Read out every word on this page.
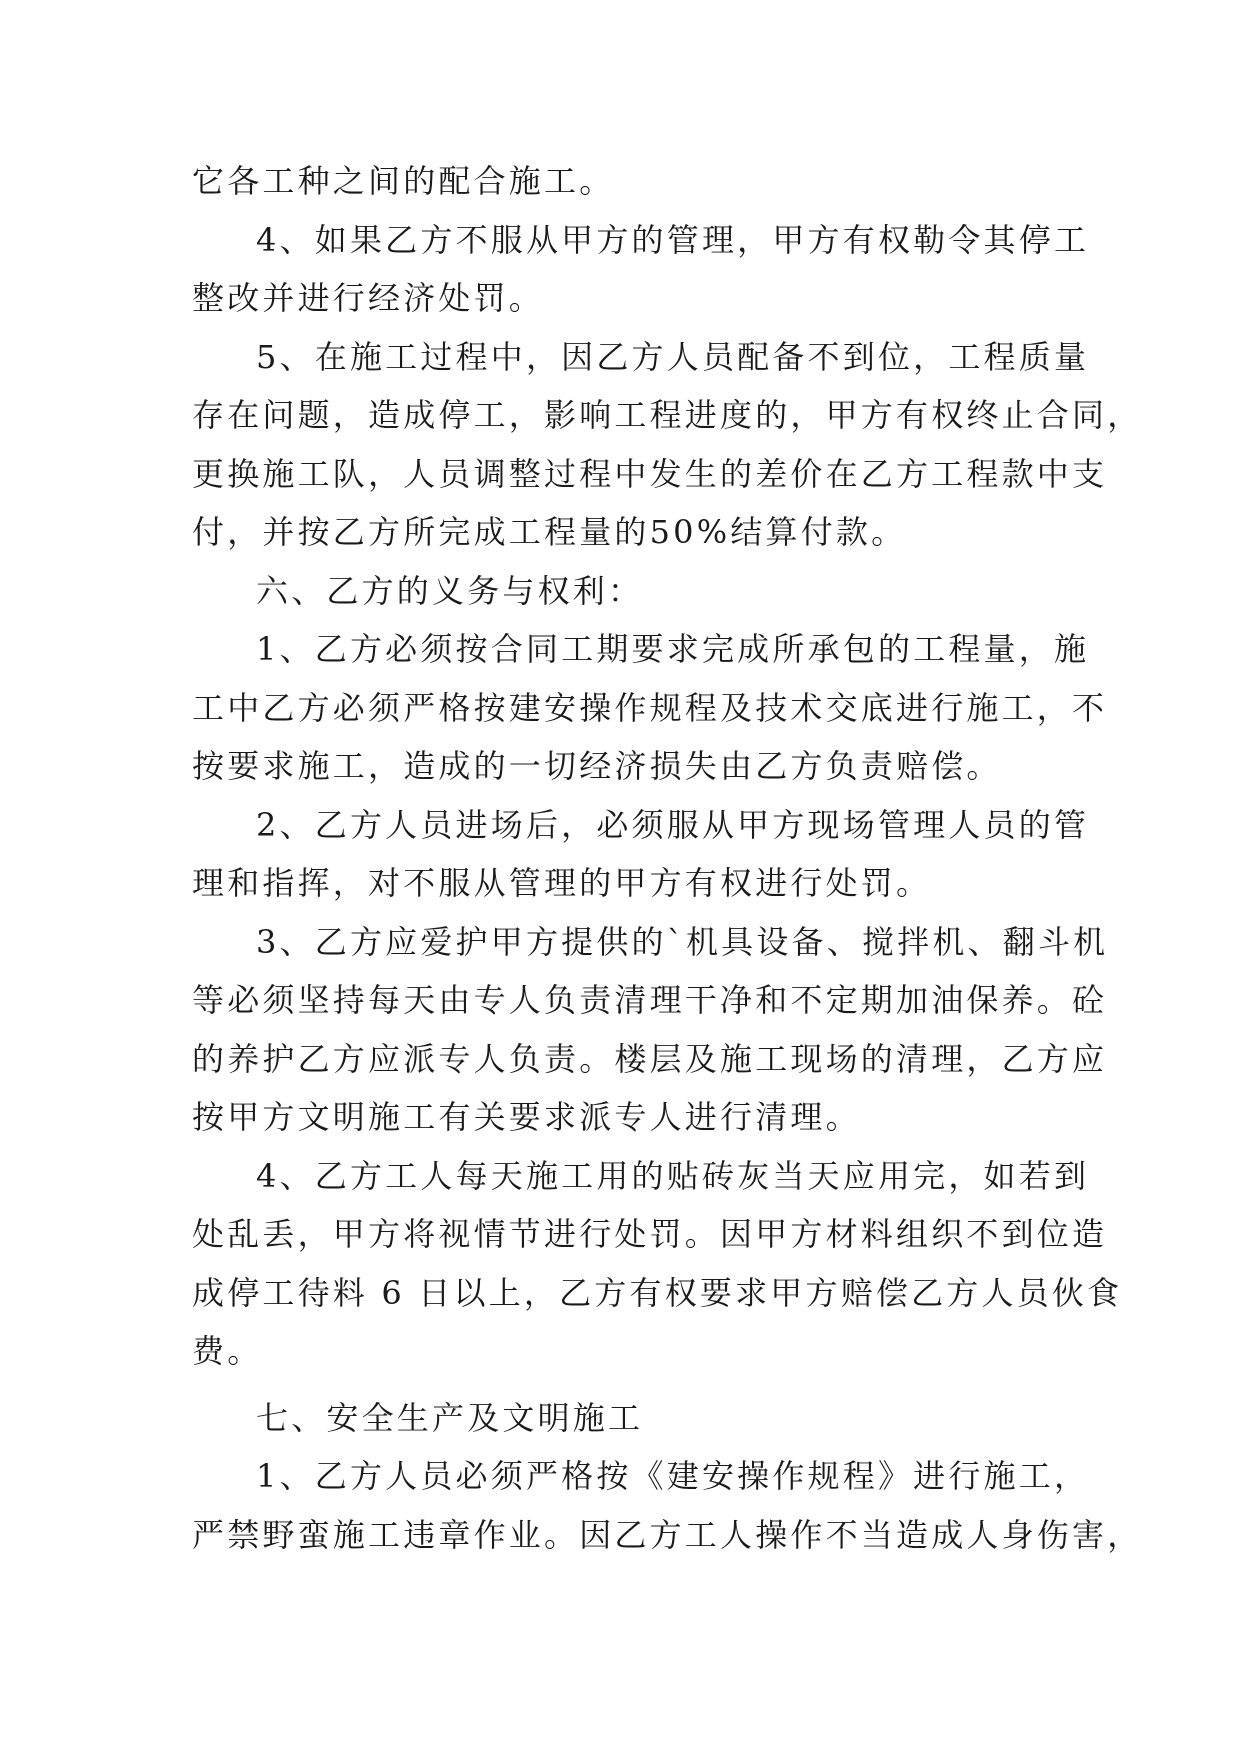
它各工种之间的配合施工。
4、如果乙方不服从甲方的管理，甲方有权勒令其停工
整改并进行经济处罚。
5、在施工过程中，因乙方人员配备不到位，工程质量
存在问题，造成停工，影响工程进度的，甲方有权终止合同，
更换施工队，人员调整过程中发生的差价在乙方工程款中支
付，并按乙方所完成工程量的50%结算付款。
六、乙方的义务与权利：
1、乙方必须按合同工期要求完成所承包的工程量，施
工中乙方必须严格按建安操作规程及技术交底进行施工，不
按要求施工，造成的一切经济损失由乙方负责赔偿。
2、乙方人员进场后，必须服从甲方现场管理人员的管
理和指挥，对不服从管理的甲方有权进行处罚。
3、乙方应爱护甲方提供的`机具设备、搅拌机、翻斗机
等必须坚持每天由专人负责清理干净和不定期加油保养。砼
的养护乙方应派专人负责。楼层及施工现场的清理，乙方应
按甲方文明施工有关要求派专人进行清理。
4、乙方工人每天施工用的贴砖灰当天应用完，如若到
处乱丢，甲方将视情节进行处罚。因甲方材料组织不到位造
成停工待料 6 日以上，乙方有权要求甲方赔偿乙方人员伙食
费。
七、安全生产及文明施工
1、乙方人员必须严格按《建安操作规程》进行施工，
严禁野蛮施工违章作业。因乙方工人操作不当造成人身伤害，
